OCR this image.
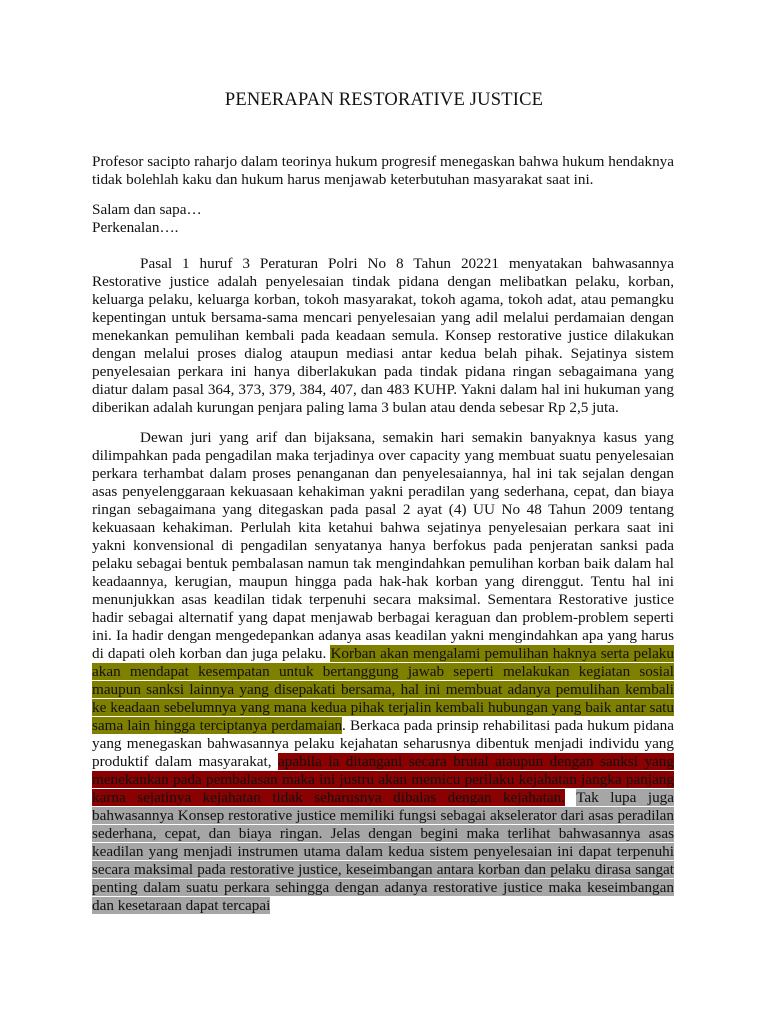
PENERAPAN RESTORATIVE JUSTICE

Profesor sacipto raharjo dalam teorinya hukum progresif menegaskan bahwa hukum hendaknya tidak bolehlah kaku dan hukum harus menjawab keterbutuhan masyarakat saat ini.

Salam dan sapa…

Perkenalan….

Pasal 1 huruf 3 Peraturan Polri No 8 Tahun 20221 menyatakan bahwasannya Restorative justice adalah penyelesaian tindak pidana dengan melibatkan pelaku, korban, keluarga pelaku, keluarga korban, tokoh masyarakat, tokoh agama, tokoh adat, atau pemangku kepentingan untuk bersama-sama mencari penyelesaian yang adil melalui perdamaian dengan menekankan pemulihan kembali pada keadaan semula. Konsep restorative justice dilakukan dengan melalui proses dialog ataupun mediasi antar kedua belah pihak. Sejatinya sistem penyelesaian perkara ini hanya diberlakukan pada tindak pidana ringan sebagaimana yang diatur dalam pasal 364, 373, 379, 384, 407, dan 483 KUHP. Yakni dalam hal ini hukuman yang diberikan adalah kurungan penjara paling lama 3 bulan atau denda sebesar Rp 2,5 juta.

Dewan juri yang arif dan bijaksana, semakin hari semakin banyaknya kasus yang dilimpahkan pada pengadilan maka terjadinya over capacity yang membuat suatu penyelesaian perkara terhambat dalam proses penanganan dan penyelesaiannya, hal ini tak sejalan dengan asas penyelenggaraan kekuasaan kehakiman yakni peradilan yang sederhana, cepat, dan biaya ringan sebagaimana yang ditegaskan pada pasal 2 ayat (4) UU No 48 Tahun 2009 tentang kekuasaan kehakiman. Perlulah kita ketahui bahwa sejatinya penyelesaian perkara saat ini yakni konvensional di pengadilan senyatanya hanya berfokus pada penjeratan sanksi pada pelaku sebagai bentuk pembalasan namun tak mengindahkan pemulihan korban baik dalam hal keadaannya, kerugian, maupun hingga pada hak-hak korban yang direnggut. Tentu hal ini menunjukkan asas keadilan tidak terpenuhi secara maksimal. Sementara Restorative justice hadir sebagai alternatif yang dapat menjawab berbagai keraguan dan problem-problem seperti ini. Ia hadir dengan mengedepankan adanya asas keadilan yakni mengindahkan apa yang harus di dapati oleh korban dan juga pelaku. Korban akan mengalami pemulihan haknya serta pelaku akan mendapat kesempatan untuk bertanggung jawab seperti melakukan kegiatan sosial maupun sanksi lainnya yang disepakati bersama, hal ini membuat adanya pemulihan kembali ke keadaan sebelumnya yang mana kedua pihak terjalin kembali hubungan yang baik antar satu sama lain hingga terciptanya perdamaian. Berkaca pada prinsip rehabilitasi pada hukum pidana yang menegaskan bahwasannya pelaku kejahatan seharusnya dibentuk menjadi individu yang produktif dalam masyarakat, apabila ia ditangani secara brutal ataupun dengan sanksi yang menekankan pada pembalasan maka ini justru akan memicu perilaku kejahatan jangka panjang karna sejatinya kejahatan tidak seharusnya dibalas dengan kejahatan. Tak lupa juga bahwasannya Konsep restorative justice memiliki fungsi sebagai akselerator dari asas peradilan sederhana, cepat, dan biaya ringan. Jelas dengan begini maka terlihat bahwasannya asas keadilan yang menjadi instrumen utama dalam kedua sistem penyelesaian ini dapat terpenuhi secara maksimal pada restorative justice, keseimbangan antara korban dan pelaku dirasa sangat penting dalam suatu perkara sehingga dengan adanya restorative justice maka keseimbangan dan kesetaraan dapat tercapai
